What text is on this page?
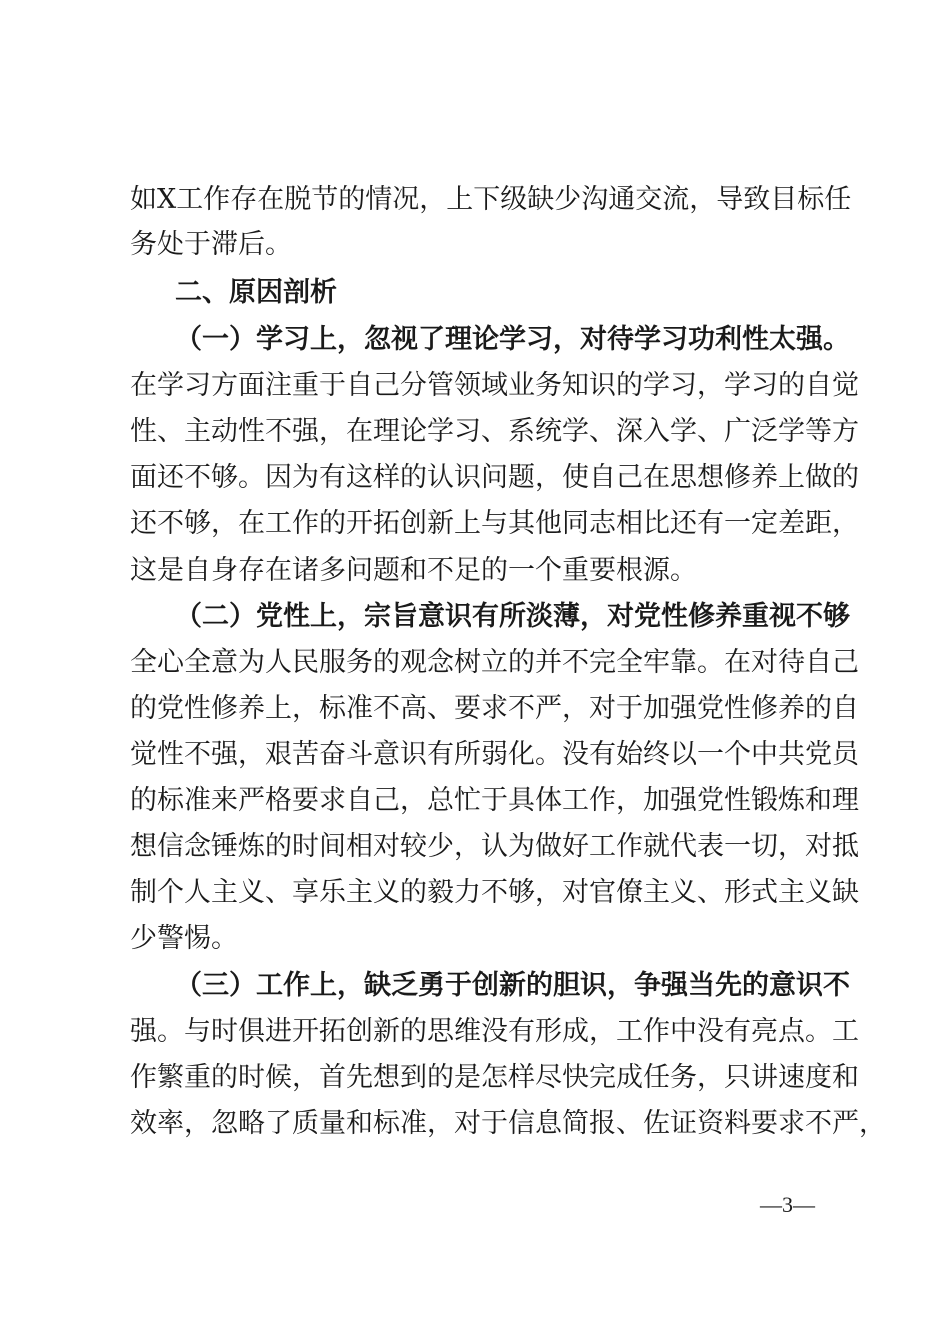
如X工作存在脱节的情况，上下级缺少沟通交流，导致目标任
务处于滞后。
二、原因剖析
（一）学习上，忽视了理论学习，对待学习功利性太强。
在学习方面注重于自己分管领域业务知识的学习，学习的自觉
性、主动性不强，在理论学习、系统学、深入学、广泛学等方
面还不够。因为有这样的认识问题，使自己在思想修养上做的
还不够，在工作的开拓创新上与其他同志相比还有一定差距，
这是自身存在诸多问题和不足的一个重要根源。
（二）党性上，宗旨意识有所淡薄，对党性修养重视不够
全心全意为人民服务的观念树立的并不完全牢靠。在对待自己
的党性修养上，标准不高、要求不严，对于加强党性修养的自
觉性不强，艰苦奋斗意识有所弱化。没有始终以一个中共党员
的标准来严格要求自己，总忙于具体工作，加强党性锻炼和理
想信念锤炼的时间相对较少，认为做好工作就代表一切，对抵
制个人主义、享乐主义的毅力不够，对官僚主义、形式主义缺
少警惕。
（三）工作上，缺乏勇于创新的胆识，争强当先的意识不
强。与时俱进开拓创新的思维没有形成，工作中没有亮点。工
作繁重的时候，首先想到的是怎样尽快完成任务，只讲速度和
效率，忽略了质量和标准，对于信息简报、佐证资料要求不严，
—3—
